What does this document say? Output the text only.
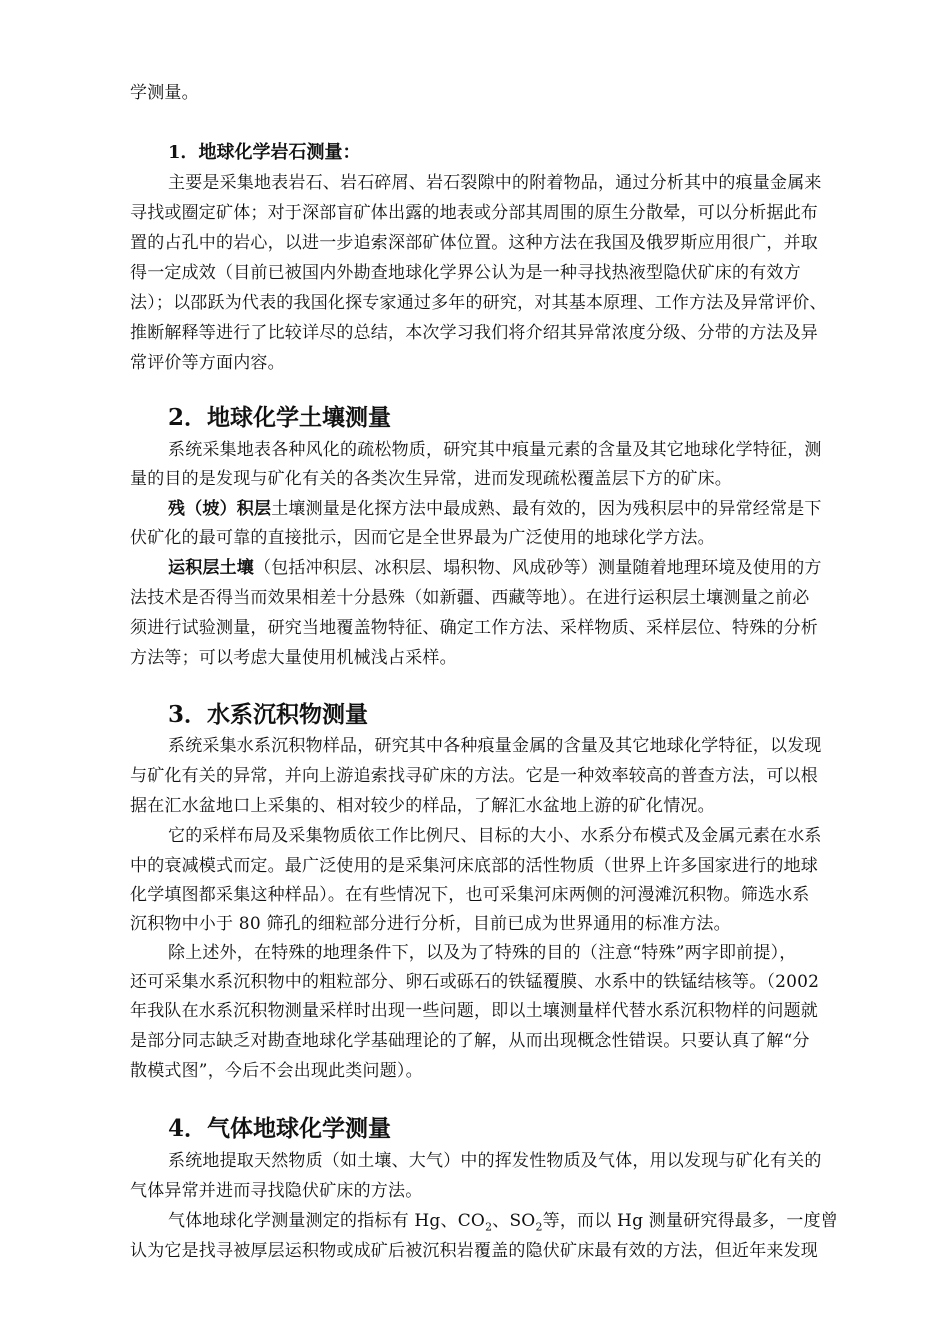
学测量。
1．地球化学岩石测量：
主要是采集地表岩石、岩石碎屑、岩石裂隙中的附着物品，通过分析其中的痕量金属来
寻找或圈定矿体；对于深部盲矿体出露的地表或分部其周围的原生分散晕，可以分析据此布
置的占孔中的岩心，以进一步追索深部矿体位置。这种方法在我国及俄罗斯应用很广，并取
得一定成效（目前已被国内外勘查地球化学界公认为是一种寻找热液型隐伏矿床的有效方
法）；以邵跃为代表的我国化探专家通过多年的研究，对其基本原理、工作方法及异常评价、
推断解释等进行了比较详尽的总结，本次学习我们将介绍其异常浓度分级、分带的方法及异
常评价等方面内容。
2．地球化学土壤测量
系统采集地表各种风化的疏松物质，研究其中痕量元素的含量及其它地球化学特征，测
量的目的是发现与矿化有关的各类次生异常，进而发现疏松覆盖层下方的矿床。
残（坡）积层土壤测量是化探方法中最成熟、最有效的，因为残积层中的异常经常是下
伏矿化的最可靠的直接批示，因而它是全世界最为广泛使用的地球化学方法。
运积层土壤（包括冲积层、冰积层、塌积物、风成砂等）测量随着地理环境及使用的方
法技术是否得当而效果相差十分悬殊（如新疆、西藏等地）。在进行运积层土壤测量之前必
须进行试验测量，研究当地覆盖物特征、确定工作方法、采样物质、采样层位、特殊的分析
方法等；可以考虑大量使用机械浅占采样。
3．水系沉积物测量
系统采集水系沉积物样品，研究其中各种痕量金属的含量及其它地球化学特征，以发现
与矿化有关的异常，并向上游追索找寻矿床的方法。它是一种效率较高的普查方法，可以根
据在汇水盆地口上采集的、相对较少的样品，了解汇水盆地上游的矿化情况。
它的采样布局及采集物质依工作比例尺、目标的大小、水系分布模式及金属元素在水系
中的衰减模式而定。最广泛使用的是采集河床底部的活性物质（世界上许多国家进行的地球
化学填图都采集这种样品）。在有些情况下，也可采集河床两侧的河漫滩沉积物。筛选水系
沉积物中小于 80 筛孔的细粒部分进行分析，目前已成为世界通用的标准方法。
除上述外，在特殊的地理条件下，以及为了特殊的目的（注意“特殊”两字即前提），
还可采集水系沉积物中的粗粒部分、卵石或砾石的铁锰覆膜、水系中的铁锰结核等。（2002
年我队在水系沉积物测量采样时出现一些问题，即以土壤测量样代替水系沉积物样的问题就
是部分同志缺乏对勘查地球化学基础理论的了解，从而出现概念性错误。只要认真了解“分
散模式图”，今后不会出现此类问题）。
4．气体地球化学测量
系统地提取天然物质（如土壤、大气）中的挥发性物质及气体，用以发现与矿化有关的
气体异常并进而寻找隐伏矿床的方法。
气体地球化学测量测定的指标有 Hg、$CO_2$、$SO_2$等，而以 Hg 测量研究得最多，一度曾
认为它是找寻被厚层运积物或成矿后被沉积岩覆盖的隐伏矿床最有效的方法，但近年来发现
